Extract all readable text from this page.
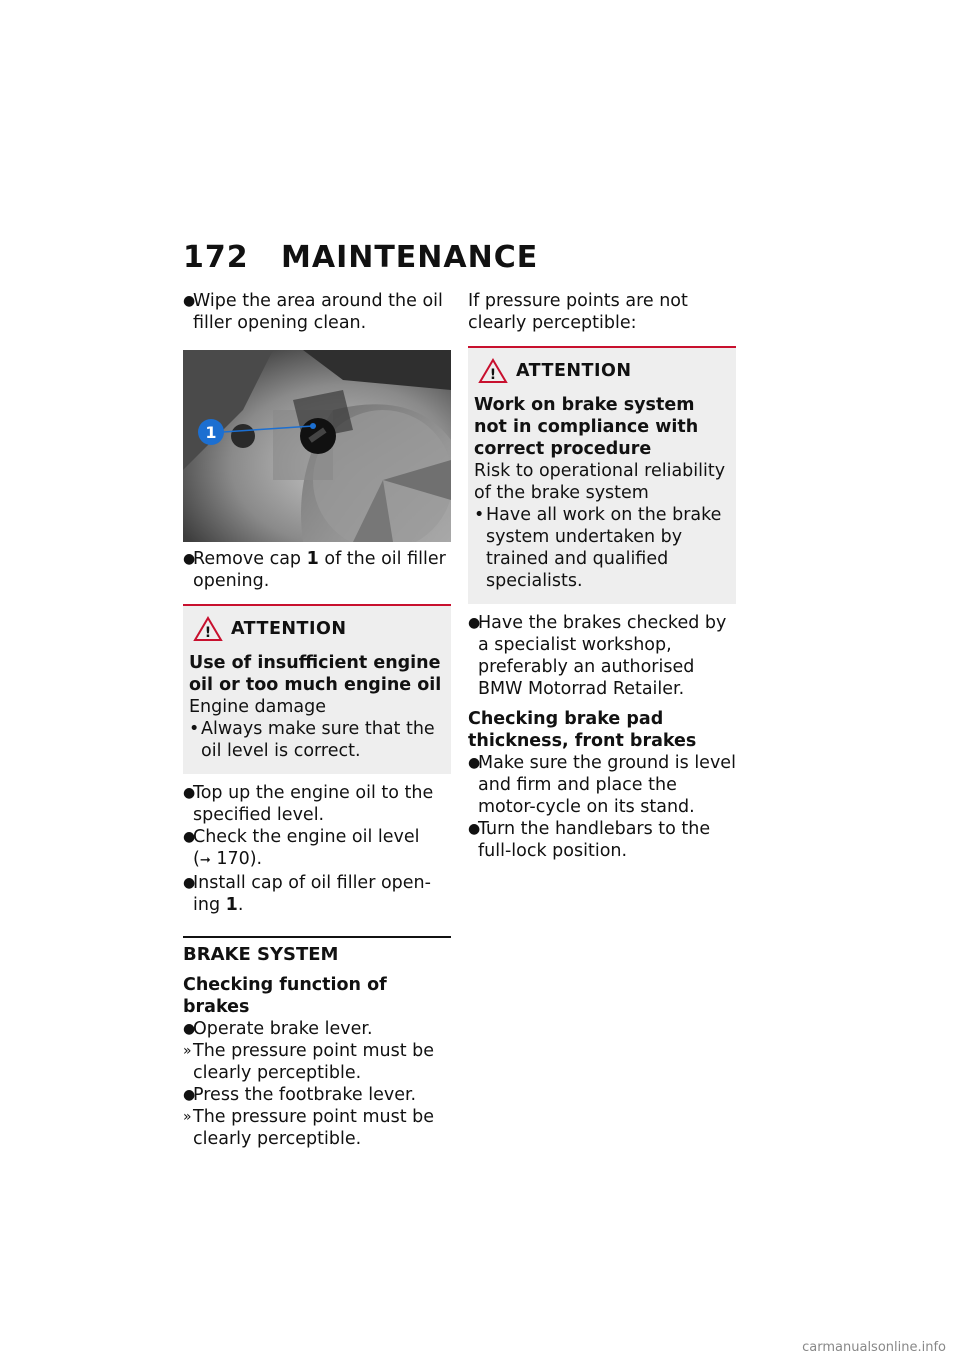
172 MAINTENANCE
●
Wipe the area around the oil filler opening clean.
1
●
Remove cap 1 of the oil filler opening.
! ATTENTION
Use of insufficient engine oil or too much engine oil
Engine damage
• Always make sure that the oil level is correct.
●
Top up the engine oil to the specified level.
●
Check the engine oil level
(➞ 170).
●
Install cap of oil filler open-ing 1.
BRAKE SYSTEM
Checking function of brakes
●
Operate brake lever.
» The pressure point must be clearly perceptible.
●
Press the footbrake lever.
» The pressure point must be clearly perceptible.
If pressure points are not clearly perceptible:
! ATTENTION
Work on brake system not in compliance with correct procedure
Risk to operational reliability of the brake system
• Have all work on the brake system undertaken by trained and qualified specialists.
●
Have the brakes checked by a specialist workshop, preferably an authorised BMW Motorrad Retailer.
Checking brake pad thickness, front brakes
●
Make sure the ground is level and firm and place the motor-cycle on its stand.
●
Turn the handlebars to the full-lock position.
carmanualsonline.info
